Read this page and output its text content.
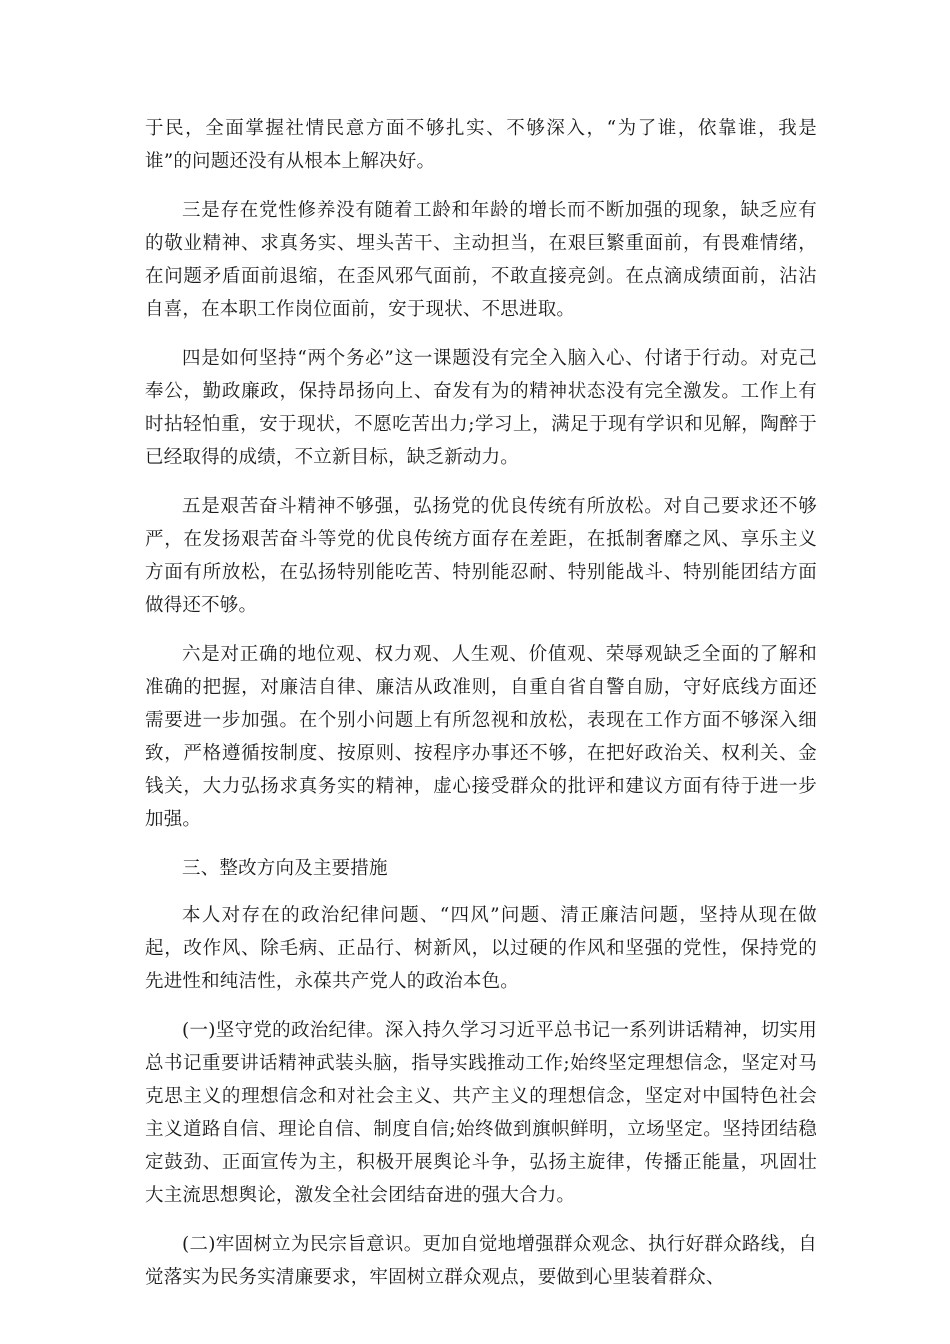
于民，全面掌握社情民意方面不够扎实、不够深入，“为了谁，依靠谁，我是谁”的问题还没有从根本上解决好。

三是存在党性修养没有随着工龄和年龄的增长而不断加强的现象，缺乏应有的敬业精神、求真务实、埋头苦干、主动担当，在艰巨繁重面前，有畏难情绪，在问题矛盾面前退缩，在歪风邪气面前，不敢直接亮剑。在点滴成绩面前，沾沾自喜，在本职工作岗位面前，安于现状、不思进取。

四是如何坚持“两个务必”这一课题没有完全入脑入心、付诸于行动。对克己奉公，勤政廉政，保持昂扬向上、奋发有为的精神状态没有完全激发。工作上有时拈轻怕重，安于现状，不愿吃苦出力;学习上，满足于现有学识和见解，陶醉于已经取得的成绩，不立新目标，缺乏新动力。

五是艰苦奋斗精神不够强，弘扬党的优良传统有所放松。对自己要求还不够严，在发扬艰苦奋斗等党的优良传统方面存在差距，在抵制奢靡之风、享乐主义方面有所放松，在弘扬特别能吃苦、特别能忍耐、特别能战斗、特别能团结方面做得还不够。

六是对正确的地位观、权力观、人生观、价值观、荣辱观缺乏全面的了解和准确的把握，对廉洁自律、廉洁从政准则，自重自省自警自励，守好底线方面还需要进一步加强。在个别小问题上有所忽视和放松，表现在工作方面不够深入细致，严格遵循按制度、按原则、按程序办事还不够，在把好政治关、权利关、金钱关，大力弘扬求真务实的精神，虚心接受群众的批评和建议方面有待于进一步加强。

三、整改方向及主要措施

本人对存在的政治纪律问题、“四风”问题、清正廉洁问题，坚持从现在做起，改作风、除毛病、正品行、树新风，以过硬的作风和坚强的党性，保持党的先进性和纯洁性，永葆共产党人的政治本色。

(一)坚守党的政治纪律。深入持久学习习近平总书记一系列讲话精神，切实用总书记重要讲话精神武装头脑，指导实践推动工作;始终坚定理想信念，坚定对马克思主义的理想信念和对社会主义、共产主义的理想信念，坚定对中国特色社会主义道路自信、理论自信、制度自信;始终做到旗帜鲜明，立场坚定。坚持团结稳定鼓劲、正面宣传为主，积极开展舆论斗争，弘扬主旋律，传播正能量，巩固壮大主流思想舆论，激发全社会团结奋进的强大合力。

(二)牢固树立为民宗旨意识。更加自觉地增强群众观念、执行好群众路线，自觉落实为民务实清廉要求，牢固树立群众观点，要做到心里装着群众、
